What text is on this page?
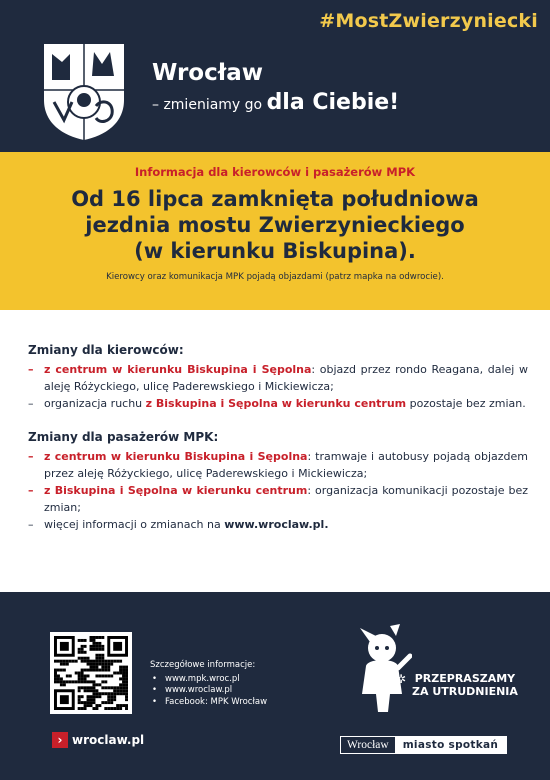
#MostZwierzyniecki
Wrocław
– zmieniamy go dla Ciebie!
Informacja dla kierowców i pasażerów MPK
Od 16 lipca zamknięta południowa
jezdnia mostu Zwierzynieckiego
(w kierunku Biskupina).
Kierowcy oraz komunikacja MPK pojadą objazdami (patrz mapka na odwrocie).
Zmiany dla kierowców:
– z centrum w kierunku Biskupina i Sępolna: objazd przez rondo Reagana, dalej w aleję Różyckiego, ulicę Paderewskiego i Mickiewicza;
– organizacja ruchu z Biskupina i Sępolna w kierunku centrum pozostaje bez zmian.
Zmiany dla pasażerów MPK:
– z centrum w kierunku Biskupina i Sępolna: tramwaje i autobusy pojadą objazdem przez aleję Różyckiego, ulicę Paderewskiego i Mickiewicza;
– z Biskupina i Sępolna w kierunku centrum: organizacja komunikacji pozostaje bez zmian;
– więcej informacji o zmianach na www.wroclaw.pl.
› wroclaw.pl
Szczegółowe informacje:
• www.mpk.wroc.pl
• www.wroclaw.pl
• Facebook: MPK Wrocław
✲ PRZEPRASZAMY
ZA UTRUDNIENIA
Wrocław	miasto spotkań
